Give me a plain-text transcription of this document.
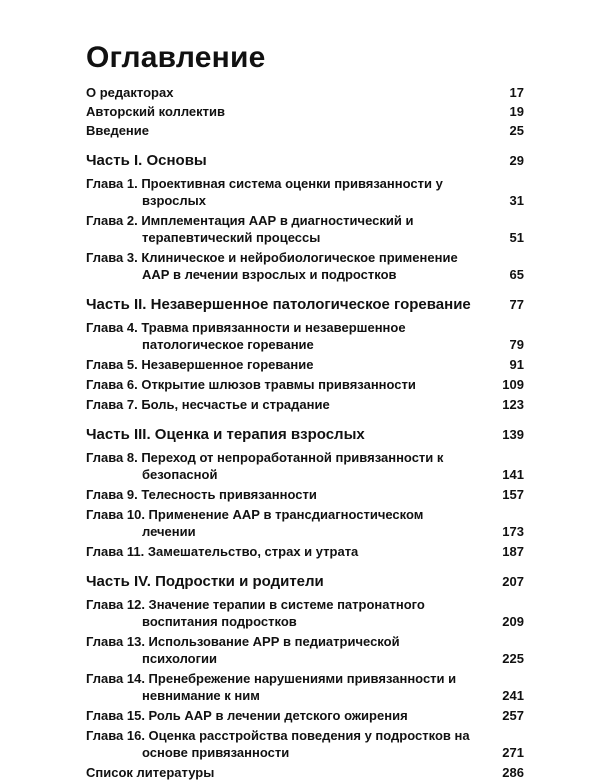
Оглавление
О редакторах	17
Авторский коллектив	19
Введение	25
Часть I. Основы	29
Глава 1. Проективная система оценки привязанности у взрослых	31
Глава 2. Имплементация ААР в диагностический и терапевтический процессы	51
Глава 3. Клиническое и нейробиологическое применение ААР в лечении взрослых и подростков	65
Часть II. Незавершенное патологическое горевание	77
Глава 4. Травма привязанности и незавершенное патологическое горевание	79
Глава 5. Незавершенное горевание	91
Глава 6. Открытие шлюзов травмы привязанности	109
Глава 7. Боль, несчастье и страдание	123
Часть III. Оценка и терапия взрослых	139
Глава 8. Переход от непроработанной привязанности к безопасной	141
Глава 9. Телесность привязанности	157
Глава 10. Применение ААР в трансдиагностическом лечении	173
Глава 11. Замешательство, страх и утрата	187
Часть IV. Подростки и родители	207
Глава 12. Значение терапии в системе патронатного воспитания подростков	209
Глава 13. Использование АРР в педиатрической психологии	225
Глава 14. Пренебрежение нарушениями привязанности и невнимание к ним	241
Глава 15. Роль ААР в лечении детского ожирения	257
Глава 16. Оценка расстройства поведения у подростков на основе привязанности	271
Список литературы	286
